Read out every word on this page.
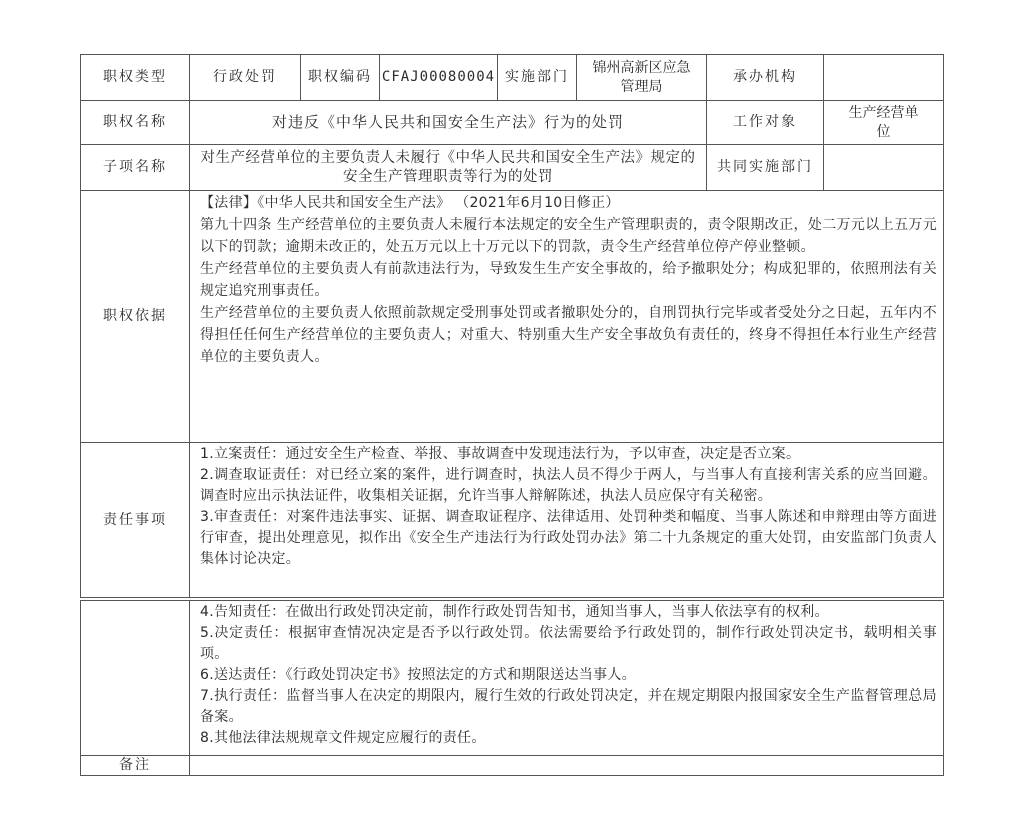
职权类型	行政处罚	职权编码	CFAJ00080004	实施部门	锦州高新区应急管理局	承办机构	
职权名称	对违反《中华人民共和国安全生产法》行为的处罚					工作对象	生产经营单位
子项名称	对生产经营单位的主要负责人未履行《中华人民共和国安全生产法》规定的安全生产管理职责等行为的处罚					共同实施部门	
职权依据	【法律】《中华人民共和国安全生产法》 （2021年6月10日修正）

第九十四条 生产经营单位的主要负责人未履行本法规定的安全生产管理职责的，责令限期改正，处二万元以上五万元以下的罚款；逾期未改正的，处五万元以上十万元以下的罚款，责令生产经营单位停产停业整顿。

生产经营单位的主要负责人有前款违法行为，导致发生生产安全事故的，给予撤职处分；构成犯罪的，依照刑法有关规定追究刑事责任。

生产经营单位的主要负责人依照前款规定受刑事处罚或者撤职处分的，自刑罚执行完毕或者受处分之日起，五年内不得担任任何生产经营单位的主要负责人；对重大、特别重大生产安全事故负有责任的，终身不得担任本行业生产经营单位的主要负责人。						

责任事项	1.立案责任：通过安全生产检查、举报、事故调查中发现违法行为，予以审查，决定是否立案。

2.调查取证责任：对已经立案的案件，进行调查时，执法人员不得少于两人，与当事人有直接利害关系的应当回避。调查时应出示执法证件，收集相关证据，允许当事人辩解陈述，执法人员应保守有关秘密。

3.审查责任：对案件违法事实、证据、调查取证程序、法律适用、处罚种类和幅度、当事人陈述和申辩理由等方面进行审查，提出处理意见，拟作出《安全生产违法行为行政处罚办法》第二十九条规定的重大处罚，由安监部门负责人集体讨论决定。						

	4.告知责任：在做出行政处罚决定前，制作行政处罚告知书，通知当事人，当事人依法享有的权利。

5.决定责任：根据审查情况决定是否予以行政处罚。依法需要给予行政处罚的，制作行政处罚决定书，载明相关事项。

6.送达责任：《行政处罚决定书》按照法定的方式和期限送达当事人。

7.执行责任：监督当事人在决定的期限内，履行生效的行政处罚决定，并在规定期限内报国家安全生产监督管理总局备案。

8.其他法律法规规章文件规定应履行的责任。						

备注							
